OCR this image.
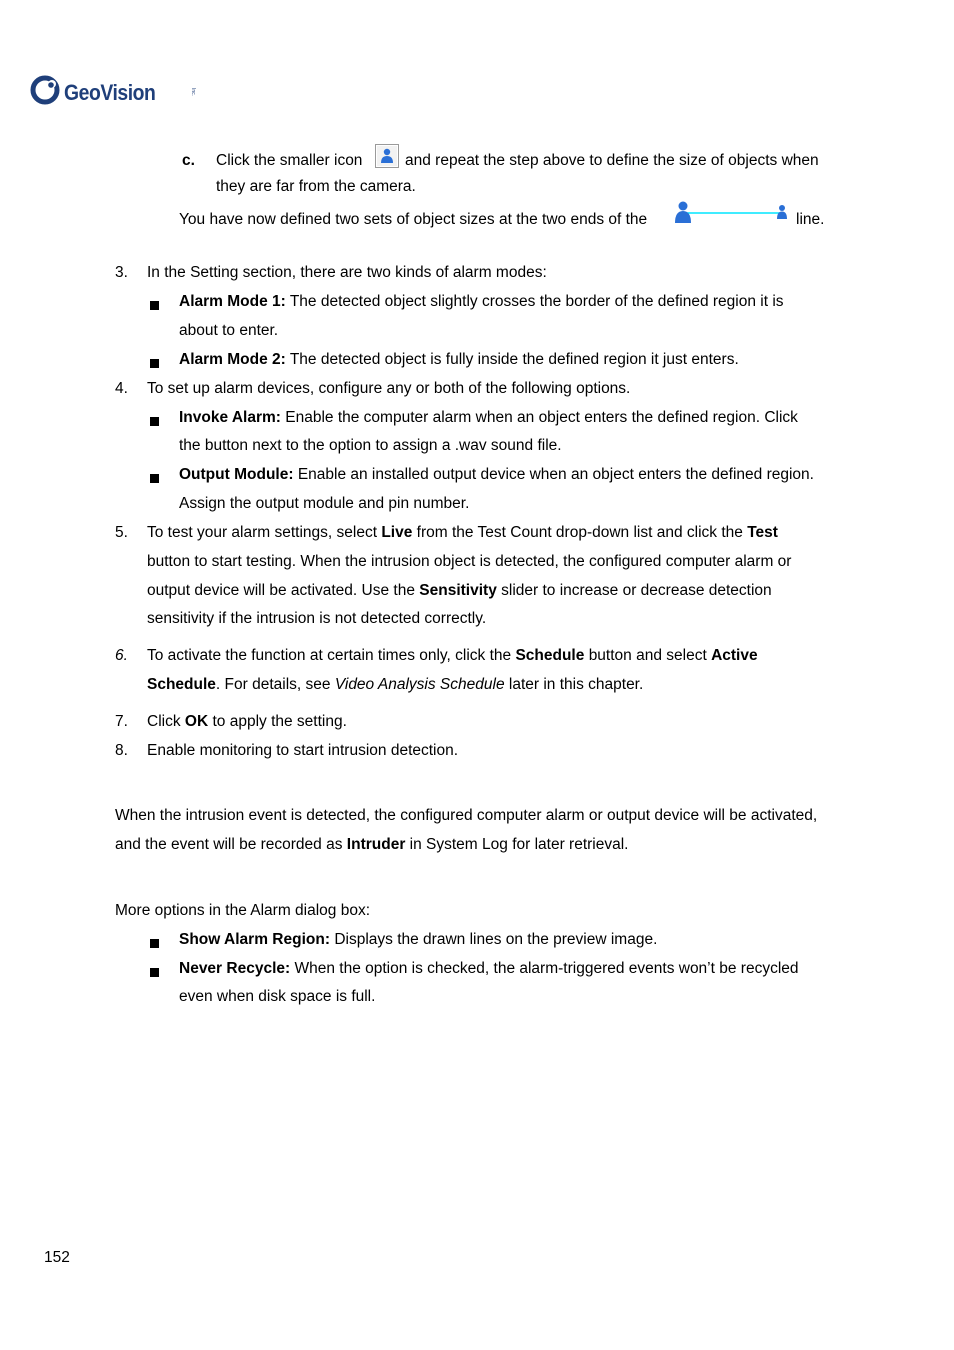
GeoVision	Inc.
c. Click the smaller icon	and repeat the step above to define the size of objects when
they are far from the camera.
You have now defined two sets of object sizes at the two ends of the	line.
3. In the Setting section, there are two kinds of alarm modes:
Alarm Mode 1: The detected object slightly crosses the border of the defined region it is
about to enter.
Alarm Mode 2: The detected object is fully inside the defined region it just enters.
4. To set up alarm devices, configure any or both of the following options.
Invoke Alarm: Enable the computer alarm when an object enters the defined region. Click
the button next to the option to assign a .wav sound file.
Output Module: Enable an installed output device when an object enters the defined region.
Assign the output module and pin number.
5. To test your alarm settings, select Live from the Test Count drop-down list and click the Test
button to start testing. When the intrusion object is detected, the configured computer alarm or
output device will be activated. Use the Sensitivity slider to increase or decrease detection
sensitivity if the intrusion is not detected correctly.
6. To activate the function at certain times only, click the Schedule button and select Active
Schedule. For details, see Video Analysis Schedule later in this chapter.
7. Click OK to apply the setting.
8. Enable monitoring to start intrusion detection.
When the intrusion event is detected, the configured computer alarm or output device will be activated,
and the event will be recorded as Intruder in System Log for later retrieval.
More options in the Alarm dialog box:
Show Alarm Region: Displays the drawn lines on the preview image.
Never Recycle: When the option is checked, the alarm-triggered events won’t be recycled
even when disk space is full.
152
